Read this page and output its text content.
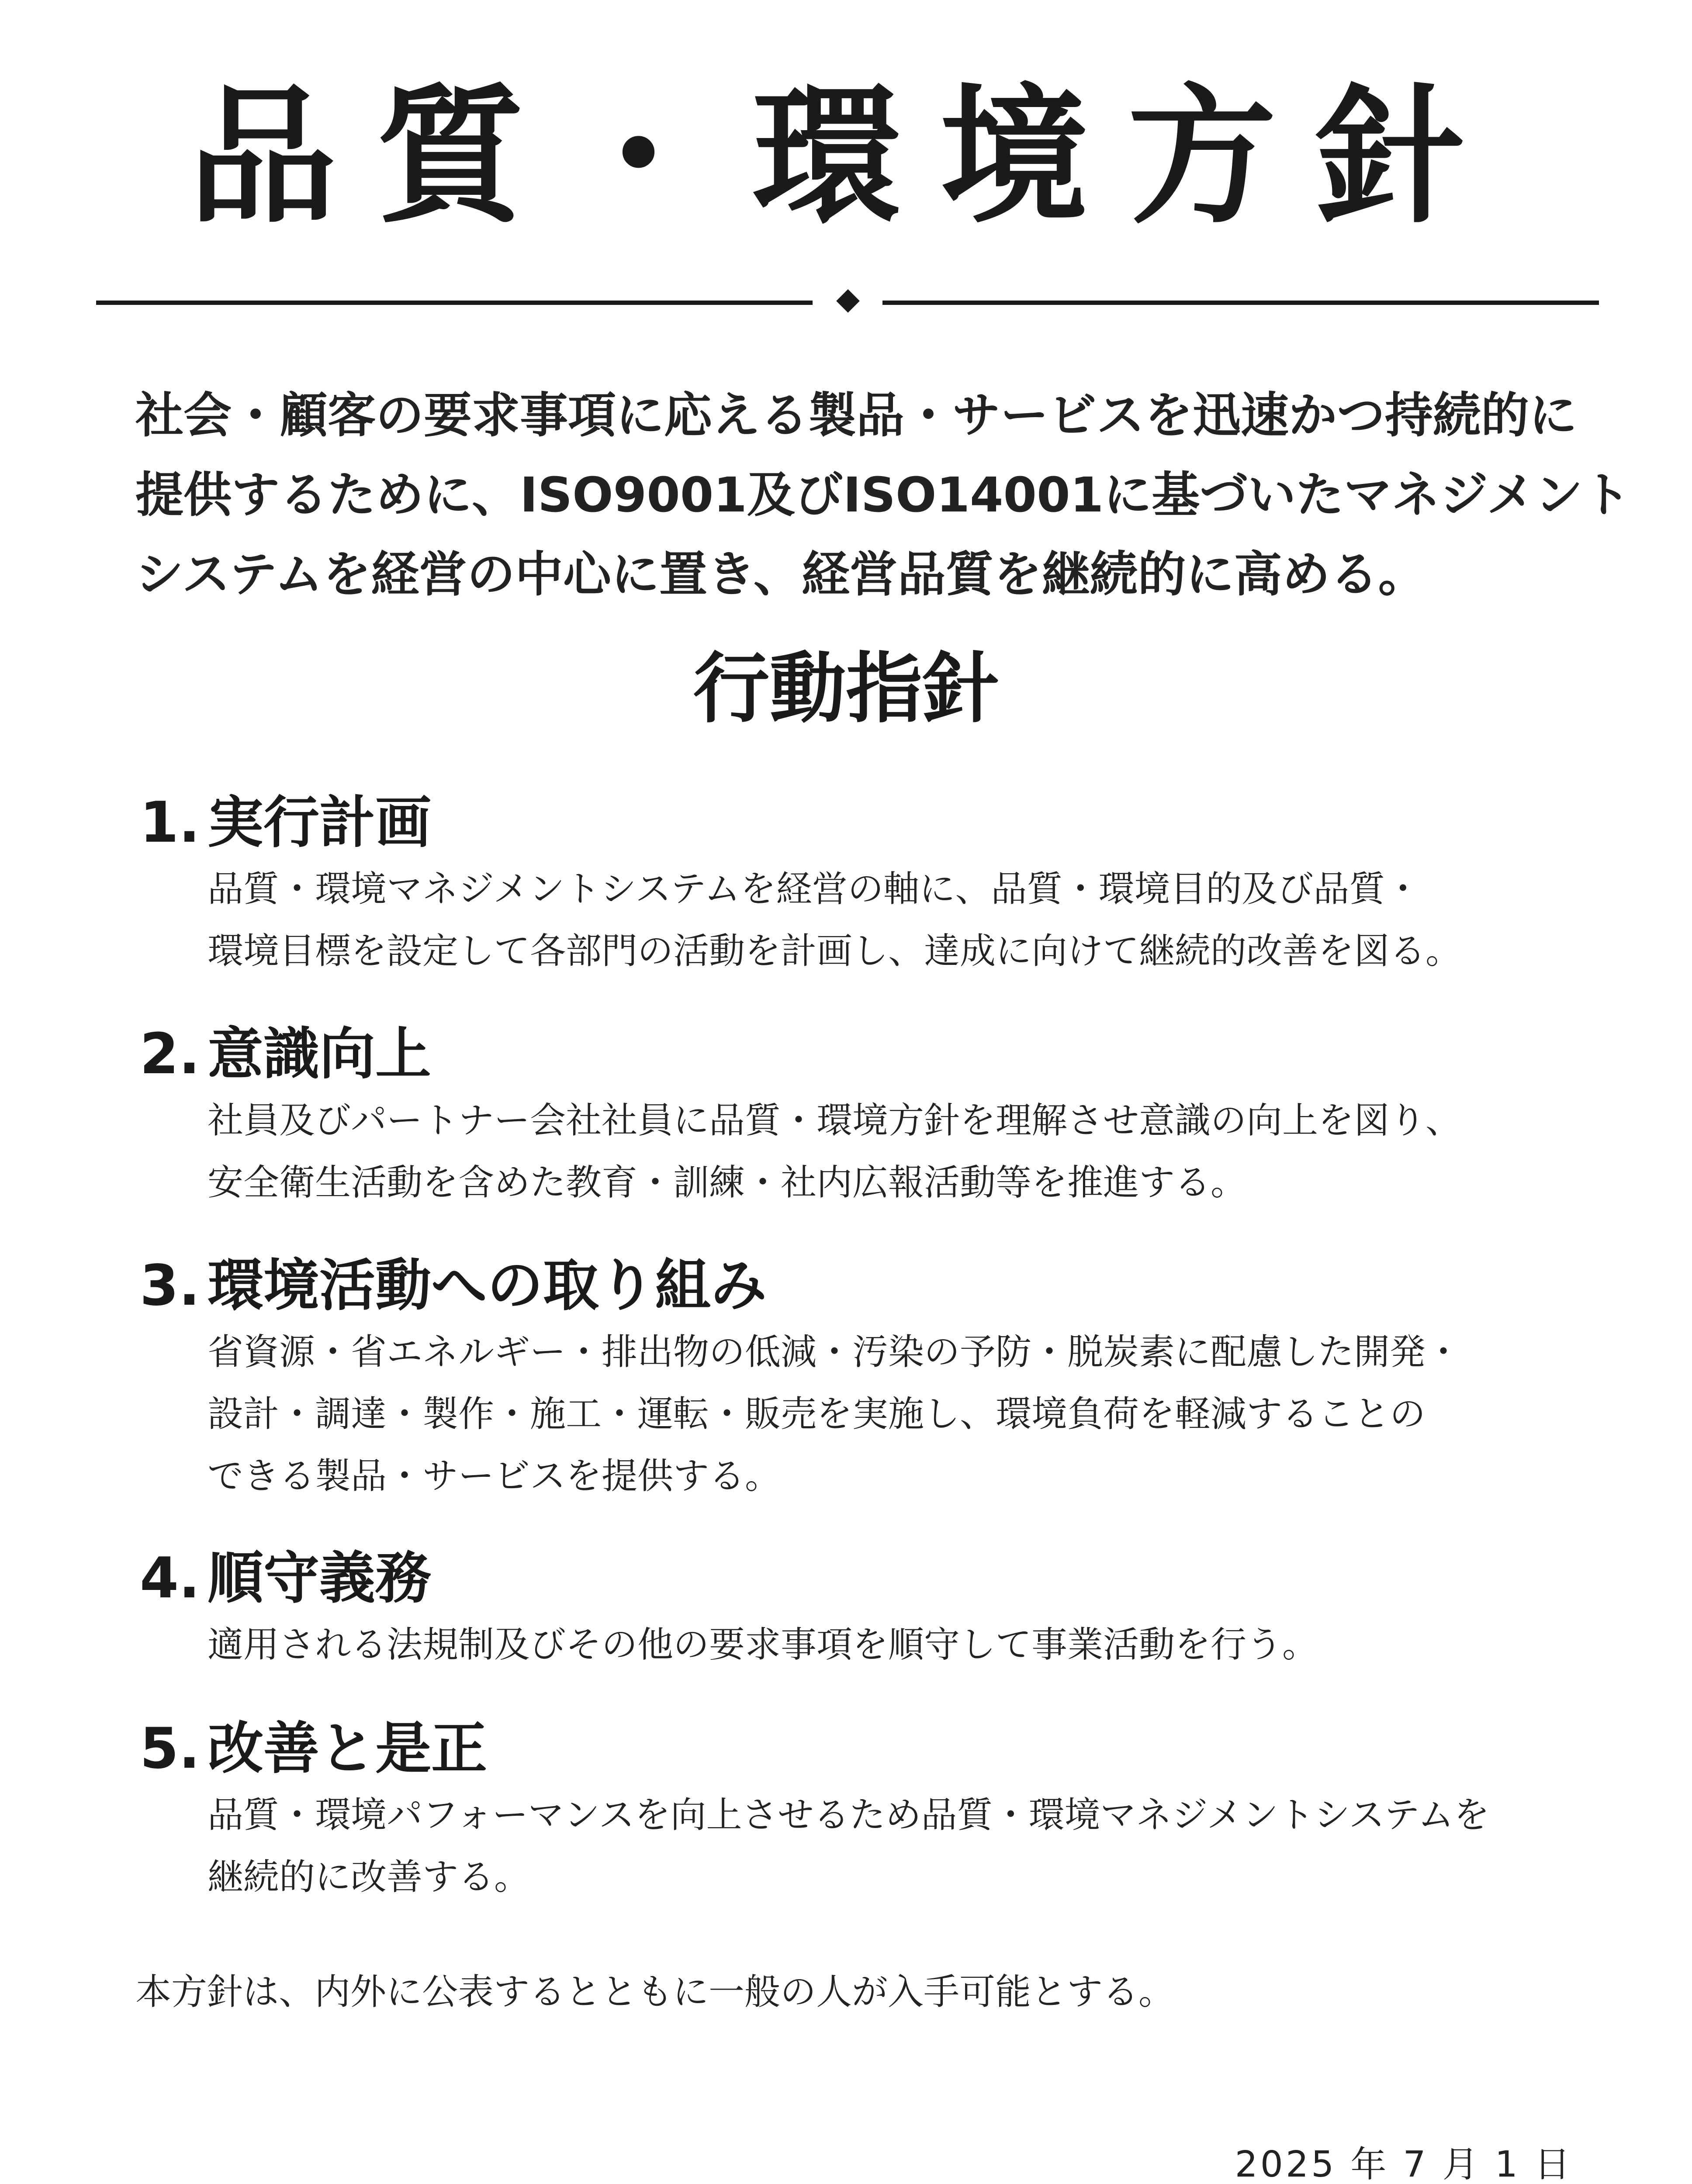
品質・環境方針
社会・顧客の要求事項に応える製品・サービスを迅速かつ持続的に
提供するために、ISO9001及びISO14001に基づいたマネジメント
システムを経営の中心に置き、経営品質を継続的に高める。
行動指針
1. 実行計画
品質・環境マネジメントシステムを経営の軸に、品質・環境目的及び品質・
環境目標を設定して各部門の活動を計画し、達成に向けて継続的改善を図る。
2. 意識向上
社員及びパートナー会社社員に品質・環境方針を理解させ意識の向上を図り、
安全衛生活動を含めた教育・訓練・社内広報活動等を推進する。
3. 環境活動への取り組み
省資源・省エネルギー・排出物の低減・汚染の予防・脱炭素に配慮した開発・
設計・調達・製作・施工・運転・販売を実施し、環境負荷を軽減することの
できる製品・サービスを提供する。
4. 順守義務
適用される法規制及びその他の要求事項を順守して事業活動を行う。
5. 改善と是正
品質・環境パフォーマンスを向上させるため品質・環境マネジメントシステムを
継続的に改善する。
本方針は、内外に公表するとともに一般の人が入手可能とする。
2025 年 7 月 1 日
